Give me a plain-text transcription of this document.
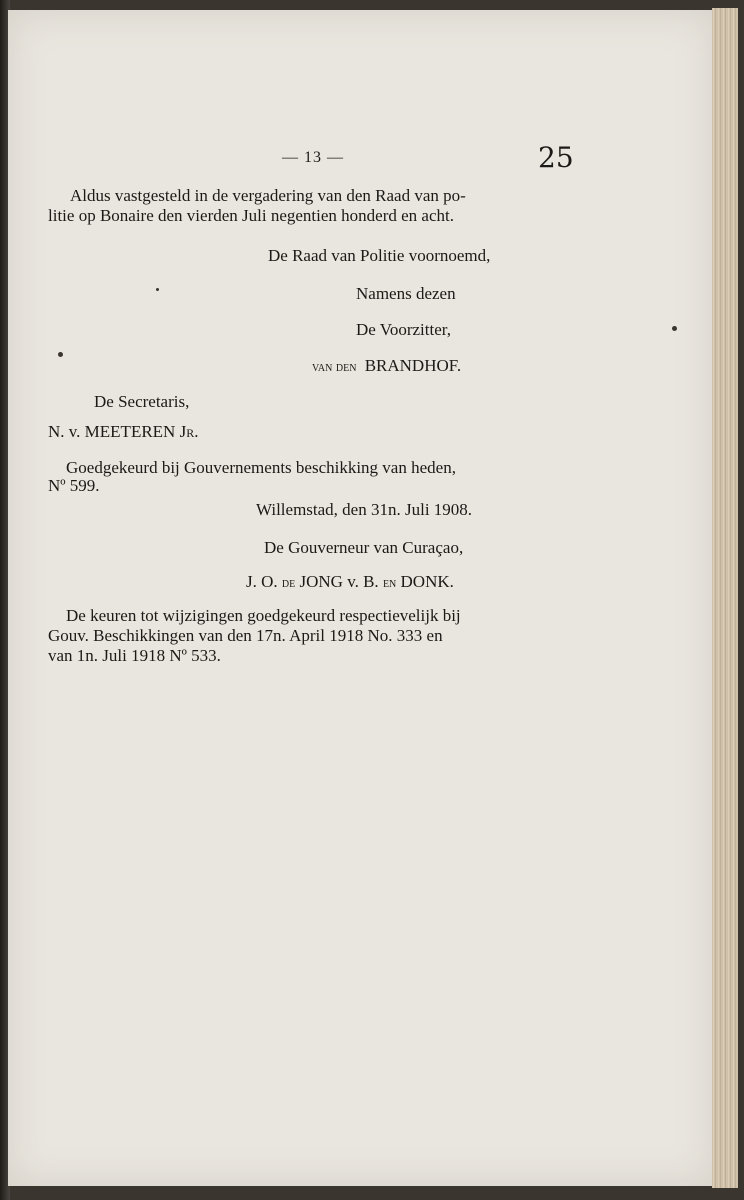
— 13 —	25
Aldus vastgesteld in de vergadering van den Raad van po-
litie op Bonaire den vierden Juli negentien honderd en acht.
De Raad van Politie voornoemd,
Namens dezen
De Voorzitter,
van den BRANDHOF.
De Secretaris,
N. v. MEETEREN Jr.
Goedgekeurd bij Gouvernements beschikking van heden,
Nº 599.
Willemstad, den 31n. Juli 1908.
De Gouverneur van Curaçao,
J. O. de JONG v. B. en DONK.
De keuren tot wijzigingen goedgekeurd respectievelijk bij
Gouv. Beschikkingen van den 17n. April 1918 No. 333 en
van 1n. Juli 1918 Nº 533.
